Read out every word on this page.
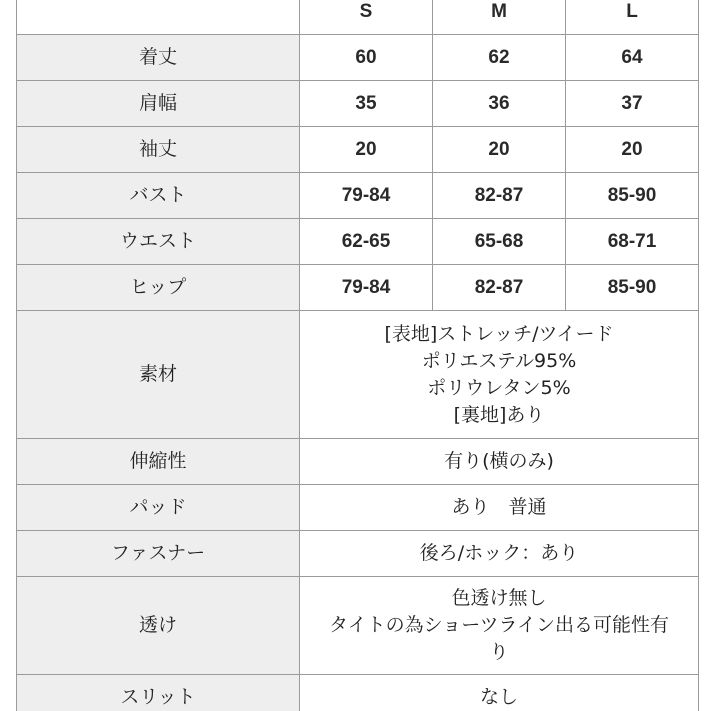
	S	M	L
着丈	60	62	64
肩幅	35	36	37
袖丈	20	20	20
バスト	79-84	82-87	85-90
ウエスト	62-65	65-68	68-71
ヒップ	79-84	82-87	85-90
素材	[表地]ストレッチ/ツイード
ポリエステル95%
ポリウレタン5%
[裏地]あり		

伸縮性	有り(横のみ)		

パッド	あり　普通		

ファスナー	後ろ/ホック：あり		

透け	色透け無し
タイトの為ショーツライン出る可能性有
り		

スリット	なし		
